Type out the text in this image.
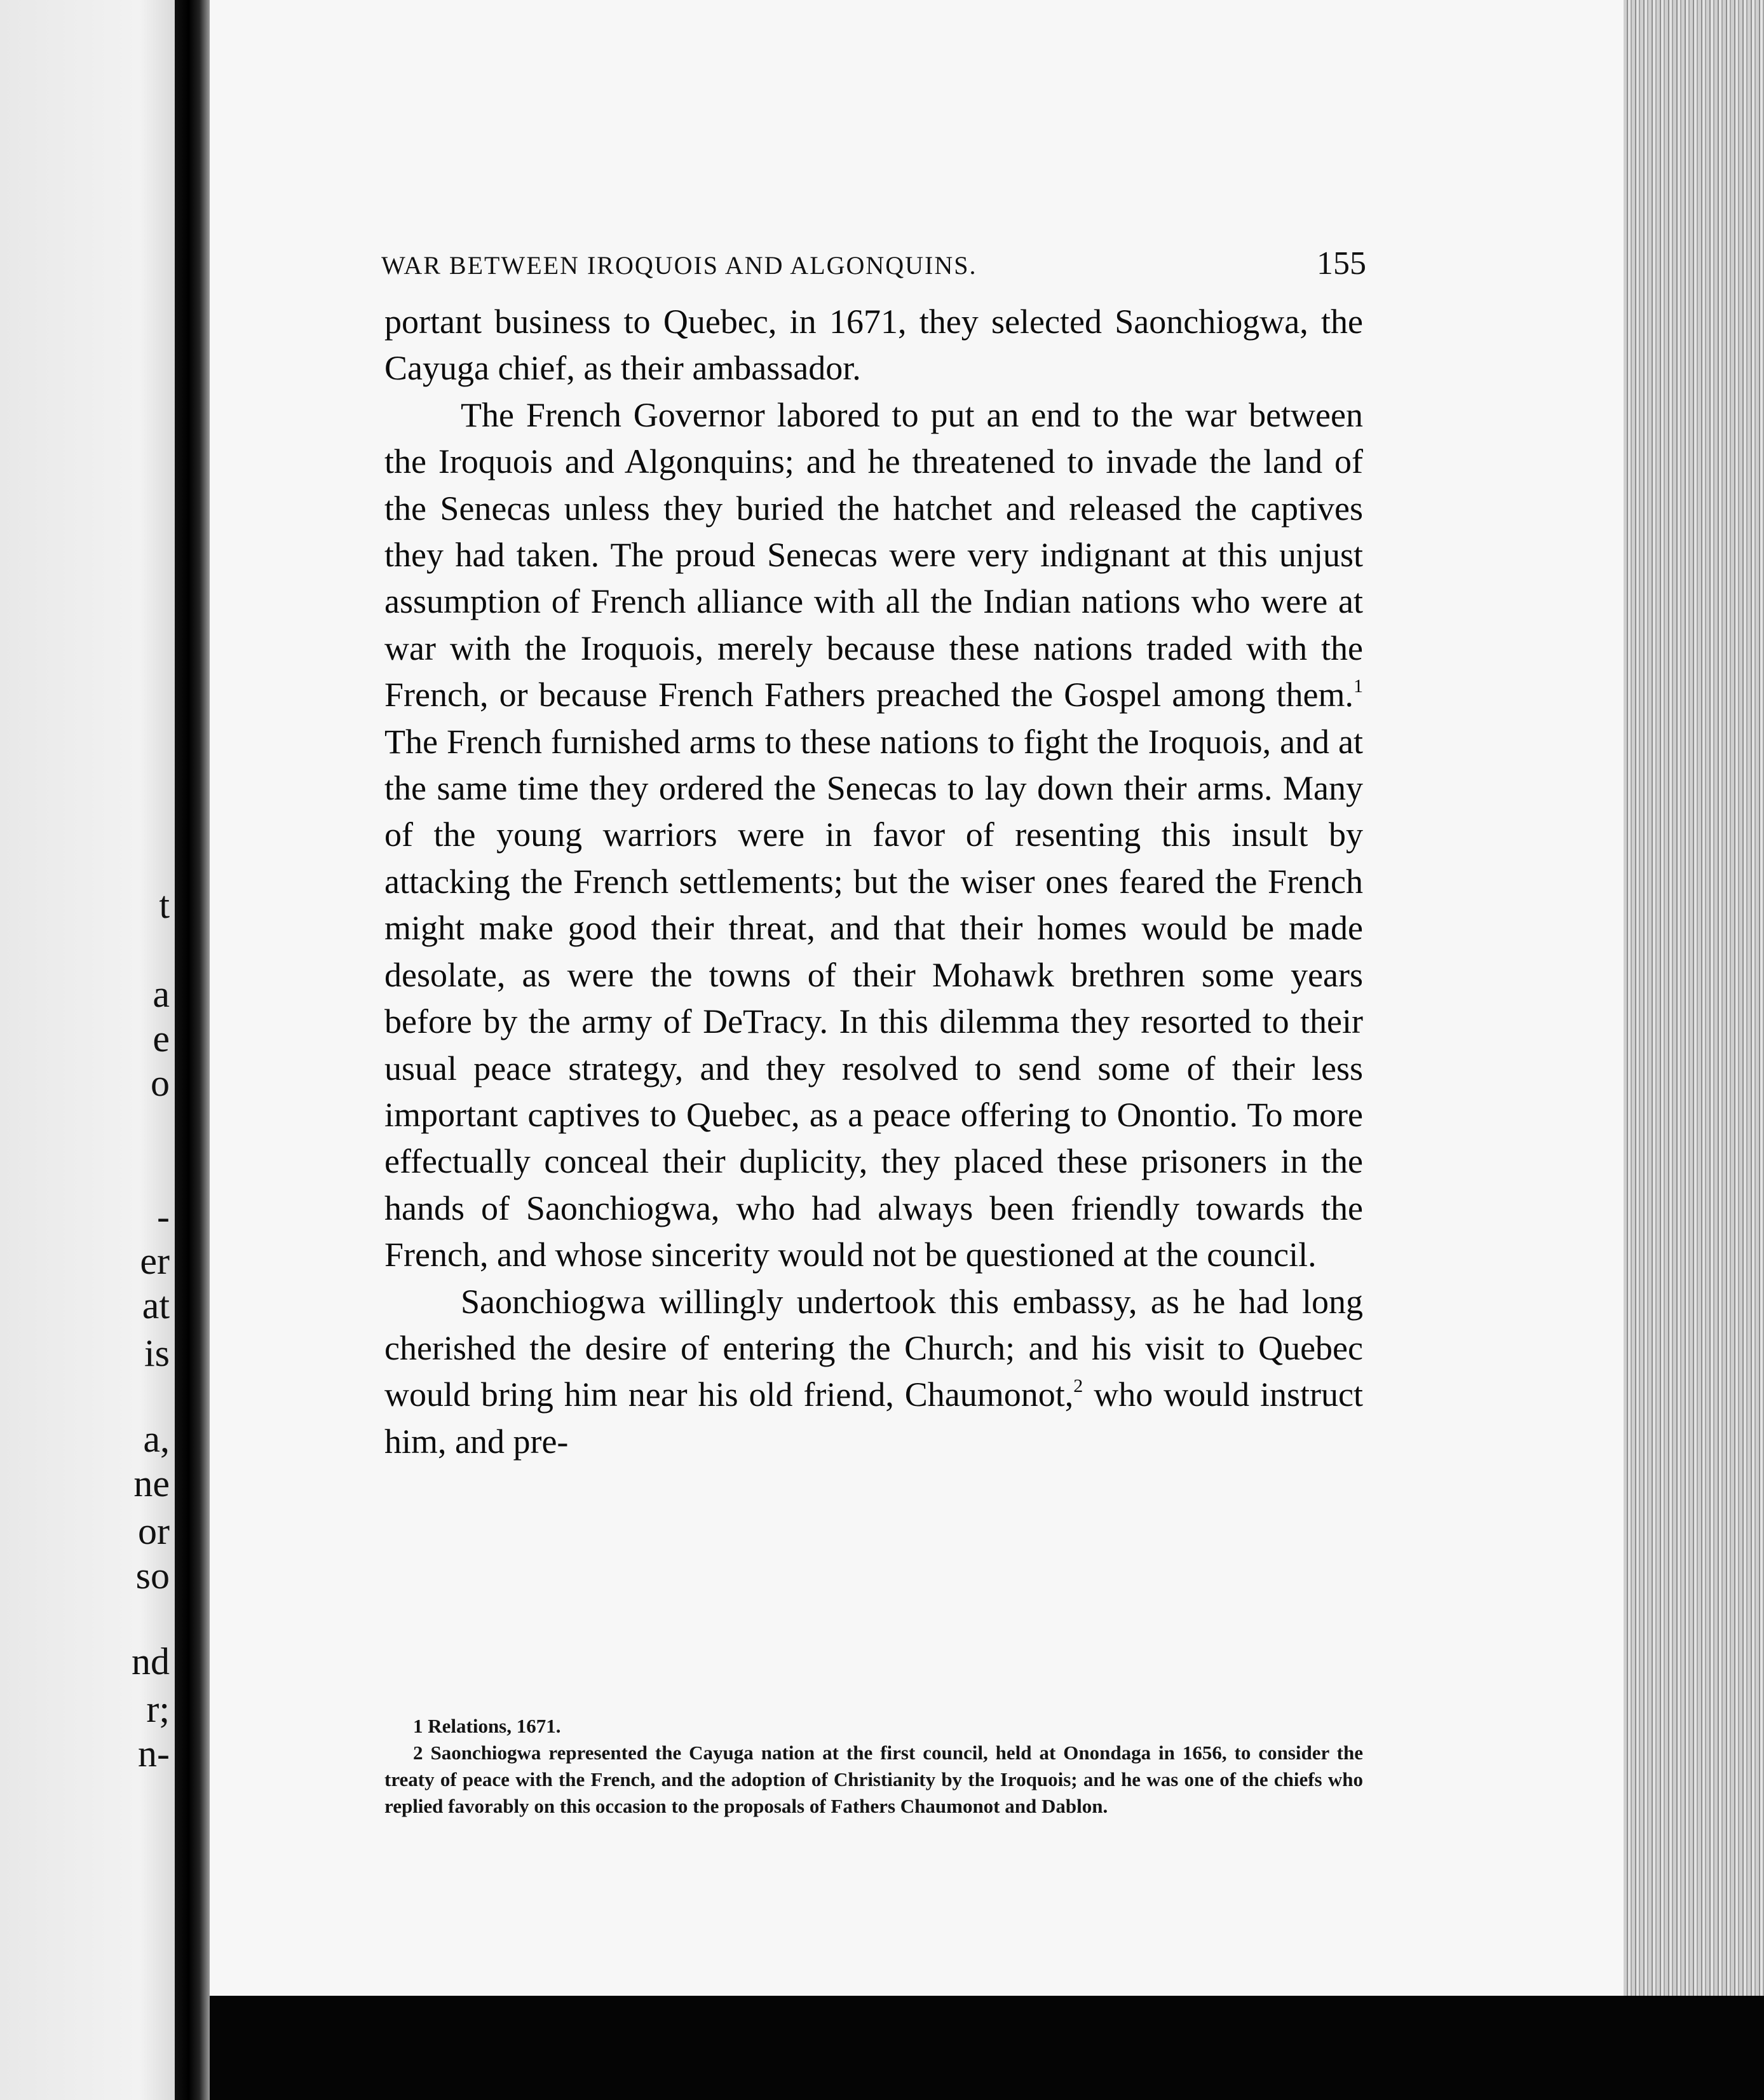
t
a
e
o
-
er
at
is
a,
ne
or
so
nd
r;
n-
WAR BETWEEN IROQUOIS AND ALGONQUINS.	155

portant business to Quebec, in 1671, they selected Saonchiogwa, the Cayuga chief, as their ambassador.

The French Governor labored to put an end to the war between the Iroquois and Algonquins; and he threatened to invade the land of the Senecas unless they buried the hatchet and released the captives they had taken. The proud Senecas were very indignant at this unjust assumption of French alliance with all the Indian nations who were at war with the Iroquois, merely because these nations traded with the French, or because French Fathers preached the Gospel among them.$^1$ The French furnished arms to these nations to fight the Iroquois, and at the same time they ordered the Senecas to lay down their arms. Many of the young warriors were in favor of resenting this insult by attacking the French settlements; but the wiser ones feared the French might make good their threat, and that their homes would be made desolate, as were the towns of their Mohawk brethren some years before by the army of DeTracy. In this dilemma they resorted to their usual peace strategy, and they resolved to send some of their less important captives to Quebec, as a peace offering to Onontio. To more effectually conceal their duplicity, they placed these prisoners in the hands of Saonchiogwa, who had always been friendly towards the French, and whose sincerity would not be questioned at the council.

Saonchiogwa willingly undertook this embassy, as he had long cherished the desire of entering the Church; and his visit to Quebec would bring him near his old friend, Chaumonot,$^2$ who would instruct him, and pre-

1 Relations, 1671.

2 Saonchiogwa represented the Cayuga nation at the first council, held at Onondaga in 1656, to consider the treaty of peace with the French, and the adoption of Christianity by the Iroquois; and he was one of the chiefs who replied favorably on this occasion to the proposals of Fathers Chaumonot and Dablon.
